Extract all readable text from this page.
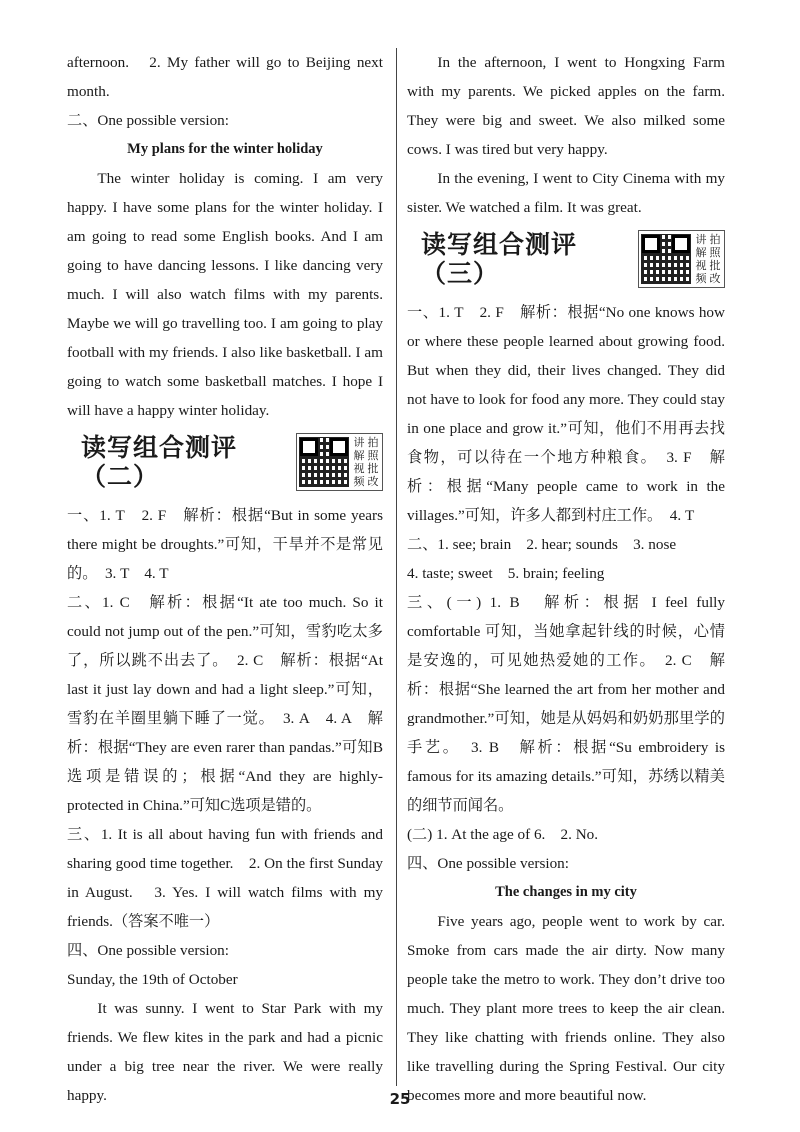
afternoon.　2. My father will go to Beijing next month.

二、One possible version:

My plans for the winter holiday

The winter holiday is coming. I am very happy. I have some plans for the winter holiday. I am going to read some English books. And I am going to have dancing lessons. I like dancing very much. I will also watch films with my parents. Maybe we will go travelling too. I am going to play football with my friends. I also like basketball. I am going to watch some basketball matches. I hope I will have a happy winter holiday.

读写组合测评（二）
讲 拍
解 照
视 批
频 改

一、1. T　2. F　解析：根据“But in some years there might be droughts.”可知，干旱并不是常见的。　3. T　4. T

二、1. C　解析：根据“It ate too much. So it could not jump out of the pen.”可知，雪豹吃太多了，所以跳不出去了。　2. C　解析：根据“At last it just lay down and had a light sleep.”可知，雪豹在羊圈里躺下睡了一觉。　3. A　4. A　解析：根据“They are even rarer than pandas.”可知B选项是错误的；根据“And they are highly-protected in China.”可知C选项是错的。

三、1. It is all about having fun with friends and sharing good time together.　2. On the first Sunday in August.　3. Yes. I will watch films with my friends.（答案不唯一）

四、One possible version:

Sunday, the 19th of October

It was sunny. I went to Star Park with my friends. We flew kites in the park and had a picnic under a big tree near the river. We were really happy.

In the afternoon, I went to Hongxing Farm with my parents. We picked apples on the farm. They were big and sweet. We also milked some cows. I was tired but very happy.

In the evening, I went to City Cinema with my sister. We watched a film. It was great.

读写组合测评（三）
讲 拍
解 照
视 批
频 改

一、1. T　2. F　解析：根据“No one knows how or where these people learned about growing food. But when they did, their lives changed. They did not have to look for food any more. They could stay in one place and grow it.”可知，他们不用再去找食物，可以待在一个地方种粮食。　3. F　解析：根据“Many people came to work in the villages.”可知，许多人都到村庄工作。　4. T

二、1. see; brain　2. hear; sounds　3. nose

4. taste; sweet　5. brain; feeling

三、(一) 1. B　解析：根据 I feel fully comfortable 可知，当她拿起针线的时候，心情是安逸的，可见她热爱她的工作。　2. C　解析：根据“She learned the art from her mother and grandmother.”可知，她是从妈妈和奶奶那里学的手艺。　3. B　解析：根据“Su embroidery is famous for its amazing details.”可知，苏绣以精美的细节而闻名。

(二) 1. At the age of 6.　2. No.

四、One possible version:

The changes in my city

Five years ago, people went to work by car. Smoke from cars made the air dirty. Now many people take the metro to work. They don’t drive too much. They plant more trees to keep the air clean. They like chatting with friends online. They also like travelling during the Spring Festival. Our city becomes more and more beautiful now.

25
